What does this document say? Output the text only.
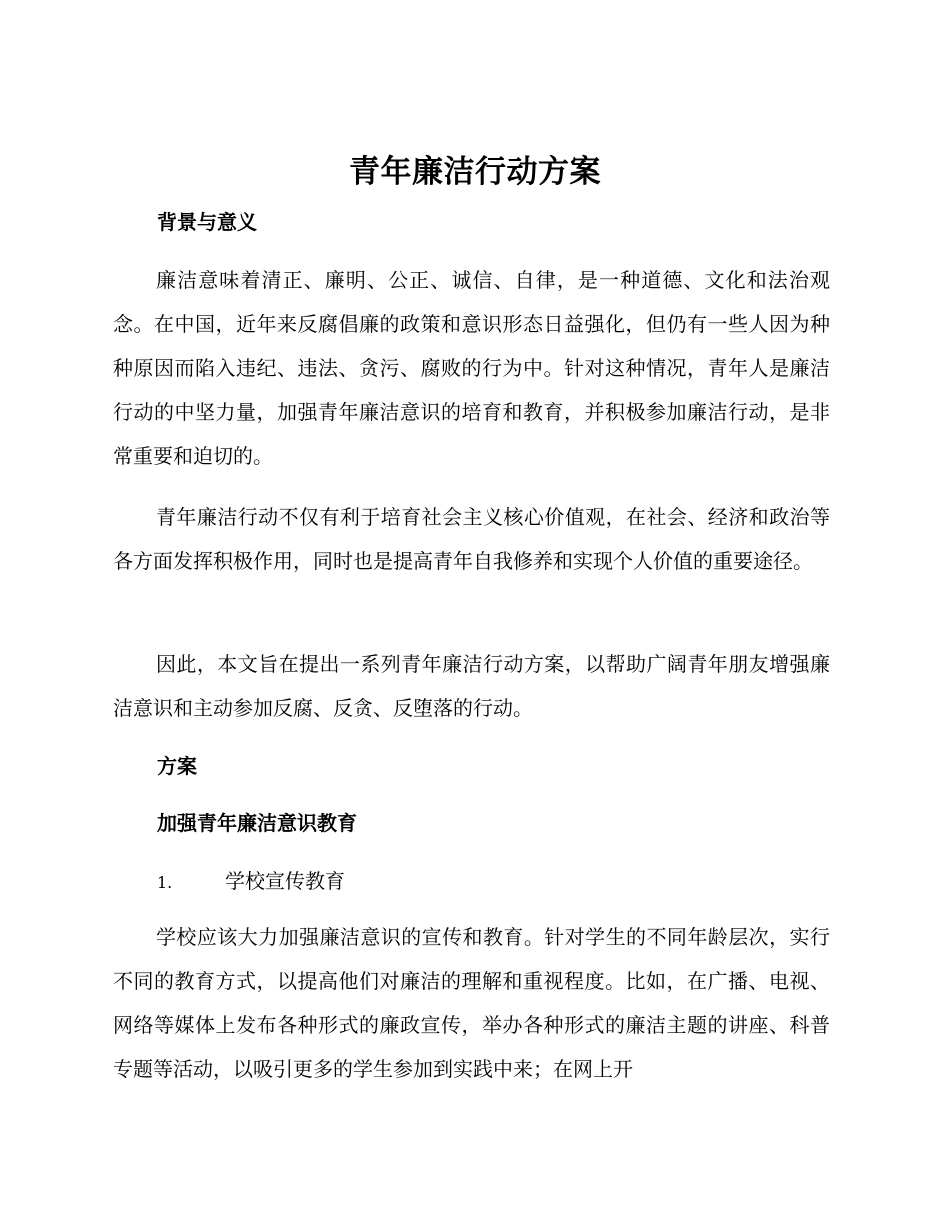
青年廉洁行动方案
背景与意义

廉洁意味着清正、廉明、公正、诚信、自律，是一种道德、文化和法治观念。在中国，近年来反腐倡廉的政策和意识形态日益强化，但仍有一些人因为种种原因而陷入违纪、违法、贪污、腐败的行为中。针对这种情况，青年人是廉洁行动的中坚力量，加强青年廉洁意识的培育和教育，并积极参加廉洁行动，是非常重要和迫切的。

青年廉洁行动不仅有利于培育社会主义核心价值观，在社会、经济和政治等各方面发挥积极作用，同时也是提高青年自我修养和实现个人价值的重要途径。

因此，本文旨在提出一系列青年廉洁行动方案，以帮助广阔青年朋友增强廉洁意识和主动参加反腐、反贪、反堕落的行动。

方案
加强青年廉洁意识教育
1.	学校宣传教育

学校应该大力加强廉洁意识的宣传和教育。针对学生的不同年龄层次，实行不同的教育方式，以提高他们对廉洁的理解和重视程度。比如，在广播、电视、网络等媒体上发布各种形式的廉政宣传，举办各种形式的廉洁主题的讲座、科普专题等活动，以吸引更多的学生参加到实践中来；在网上开
